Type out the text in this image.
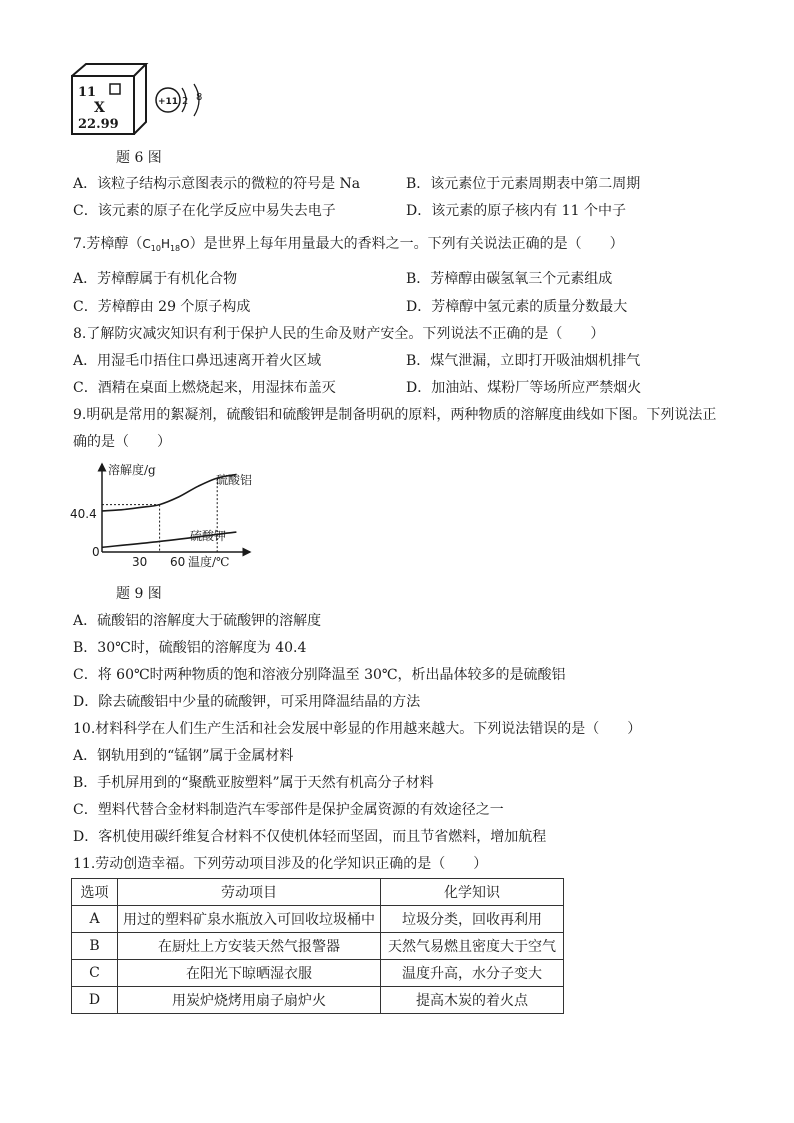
11
X
22.99
+11 2 8
题 6 图
A．该粒子结构示意图表示的微粒的符号是 Na	B．该元素位于元素周期表中第二周期
C．该元素的原子在化学反应中易失去电子	D．该元素的原子核内有 11 个中子
7.芳樟醇$(C_{10}H_{18}O)$是世界上每年用量最大的香料之一。下列有关说法正确的是（　　）
A．芳樟醇属于有机化合物	B．芳樟醇由碳氢氧三个元素组成
C．芳樟醇由 29 个原子构成	D．芳樟醇中氢元素的质量分数最大
8.了解防灾减灾知识有利于保护人民的生命及财产安全。下列说法不正确的是（　　）
A．用湿毛巾捂住口鼻迅速离开着火区域	B．煤气泄漏，立即打开吸油烟机排气
C．酒精在桌面上燃烧起来，用湿抹布盖灭	D．加油站、煤粉厂等场所应严禁烟火
9.明矾是常用的絮凝剂，硫酸铝和硫酸钾是制备明矾的原料，两种物质的溶解度曲线如下图。下列说法正
确的是（　　）
溶解度/g
0
30 60 温度/℃
40.4
硫酸铝
硫酸钾
题 9 图
A．硫酸铝的溶解度大于硫酸钾的溶解度
B．30℃时，硫酸铝的溶解度为 40.4
C．将 60℃时两种物质的饱和溶液分别降温至 30℃，析出晶体较多的是硫酸铝
D．除去硫酸铝中少量的硫酸钾，可采用降温结晶的方法
10.材料科学在人们生产生活和社会发展中彰显的作用越来越大。下列说法错误的是（　　）
A．钢轨用到的“锰钢”属于金属材料
B．手机屏用到的“聚酰亚胺塑料”属于天然有机高分子材料
C．塑料代替合金材料制造汽车零部件是保护金属资源的有效途径之一
D．客机使用碳纤维复合材料不仅使机体轻而坚固，而且节省燃料，增加航程
11.劳动创造幸福。下列劳动项目涉及的化学知识正确的是（　　）
选项	劳动项目	化学知识
A	用过的塑料矿泉水瓶放入可回收垃圾桶中	垃圾分类，回收再利用
B	在厨灶上方安装天然气报警器	天然气易燃且密度大于空气
C	在阳光下晾晒湿衣服	温度升高，水分子变大
D	用炭炉烧烤用扇子扇炉火	提高木炭的着火点
